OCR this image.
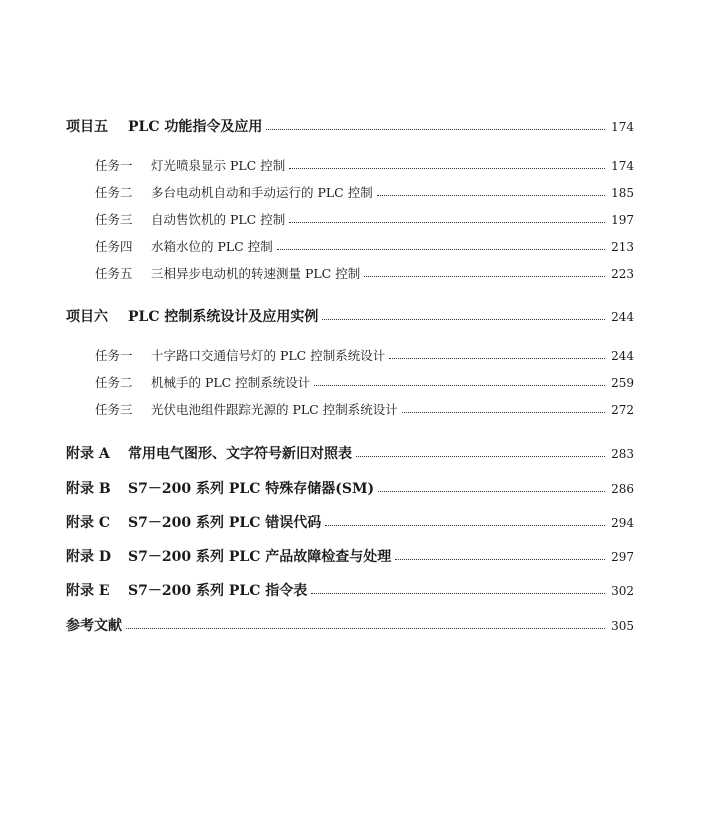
项目五	PLC 功能指令及应用	174
任务一	灯光喷泉显示 PLC 控制	174
任务二	多台电动机自动和手动运行的 PLC 控制	185
任务三	自动售饮机的 PLC 控制	197
任务四	水箱水位的 PLC 控制	213
任务五	三相异步电动机的转速测量 PLC 控制	223
项目六	PLC 控制系统设计及应用实例	244
任务一	十字路口交通信号灯的 PLC 控制系统设计	244
任务二	机械手的 PLC 控制系统设计	259
任务三	光伏电池组件跟踪光源的 PLC 控制系统设计	272
附录 A	常用电气图形、文字符号新旧对照表	283
附录 B	S7－200 系列 PLC 特殊存储器(SM)	286
附录 C	S7－200 系列 PLC 错误代码	294
附录 D	S7－200 系列 PLC 产品故障检查与处理	297
附录 E	S7－200 系列 PLC 指令表	302
参考文献	305
